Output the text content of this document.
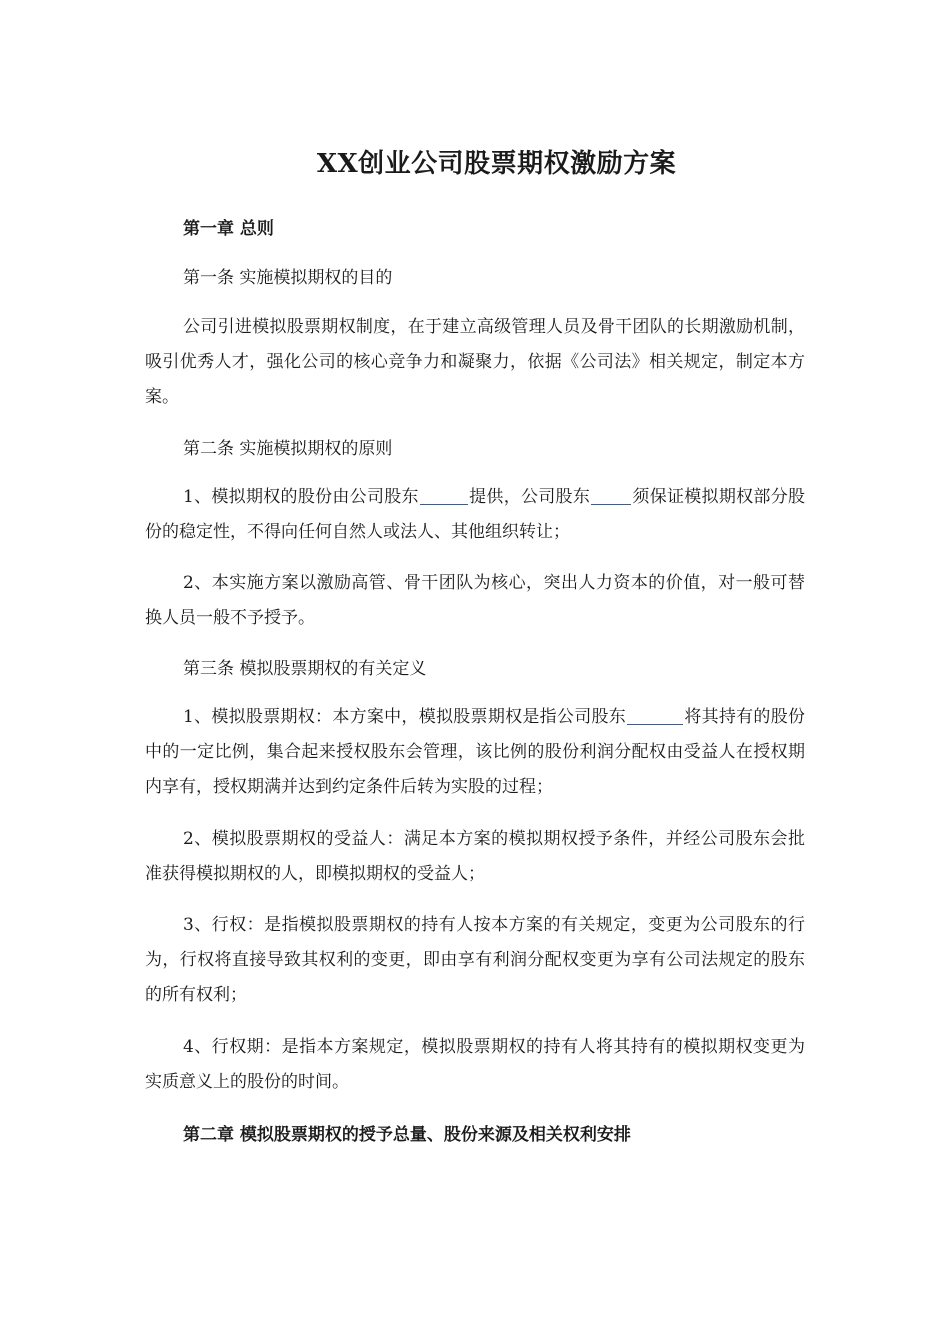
XX创业公司股票期权激励方案
第一章 总则
第一条 实施模拟期权的目的
公司引进模拟股票期权制度，在于建立高级管理人员及骨干团队的长期激励机制，吸引优秀人才，强化公司的核心竞争力和凝聚力，依据《公司法》相关规定，制定本方案。
第二条 实施模拟期权的原则
1、模拟期权的股份由公司股东	提供，公司股东 须保证模拟期权部分股份的稳定性，不得向任何自然人或法人、其他组织转让；
2、本实施方案以激励高管、骨干团队为核心，突出人力资本的价值，对一般可替换人员一般不予授予。
第三条 模拟股票期权的有关定义
1、模拟股票期权：本方案中，模拟股票期权是指公司股东	将其持有的股份中的一定比例，集合起来授权股东会管理，该比例的股份利润分配权由受益人在授权期内享有，授权期满并达到约定条件后转为实股的过程；
2、模拟股票期权的受益人：满足本方案的模拟期权授予条件，并经公司股东会批准获得模拟期权的人，即模拟期权的受益人；
3、行权：是指模拟股票期权的持有人按本方案的有关规定，变更为公司股东的行为，行权将直接导致其权利的变更，即由享有利润分配权变更为享有公司法规定的股东的所有权利；
4、行权期：是指本方案规定，模拟股票期权的持有人将其持有的模拟期权变更为实质意义上的股份的时间。
第二章 模拟股票期权的授予总量、股份来源及相关权利安排
